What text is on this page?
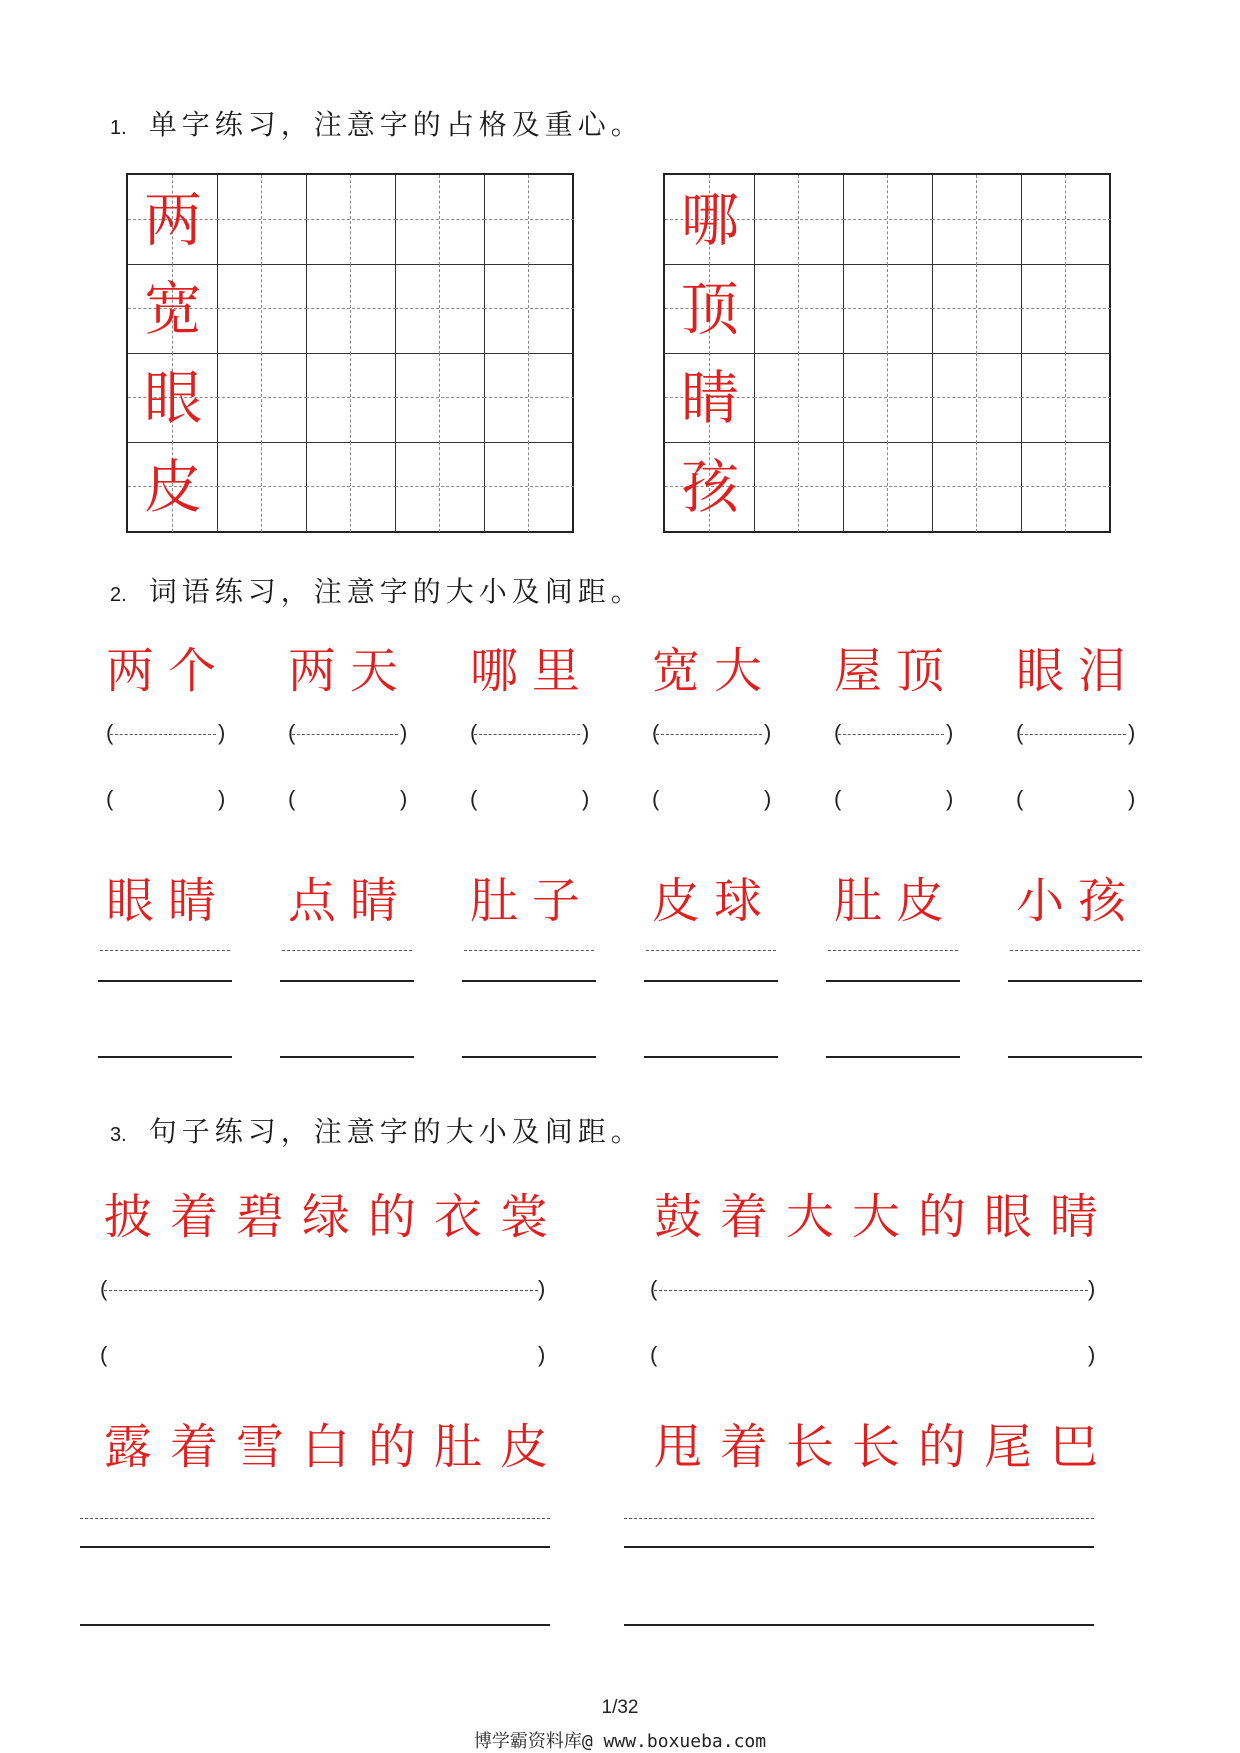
1. 单字练习，注意字的占格及重心。
两
宽
眼
皮
哪
顶
睛
孩
2. 词语练习，注意字的大小及间距。
两个
(	)
(	)
眼睛
两天
(	)
(	)
点睛
哪里
(	)
(	)
肚子
宽大
(	)
(	)
皮球
屋顶
(	)
(	)
肚皮
眼泪
(	)
(	)
小孩
3. 句子练习，注意字的大小及间距。
披着碧绿的衣裳
(	)
(	)
鼓着大大的眼睛
(	)
(	)
露着雪白的肚皮 甩着长长的尾巴
1/32
博学霸资料库@ www.boxueba.com
